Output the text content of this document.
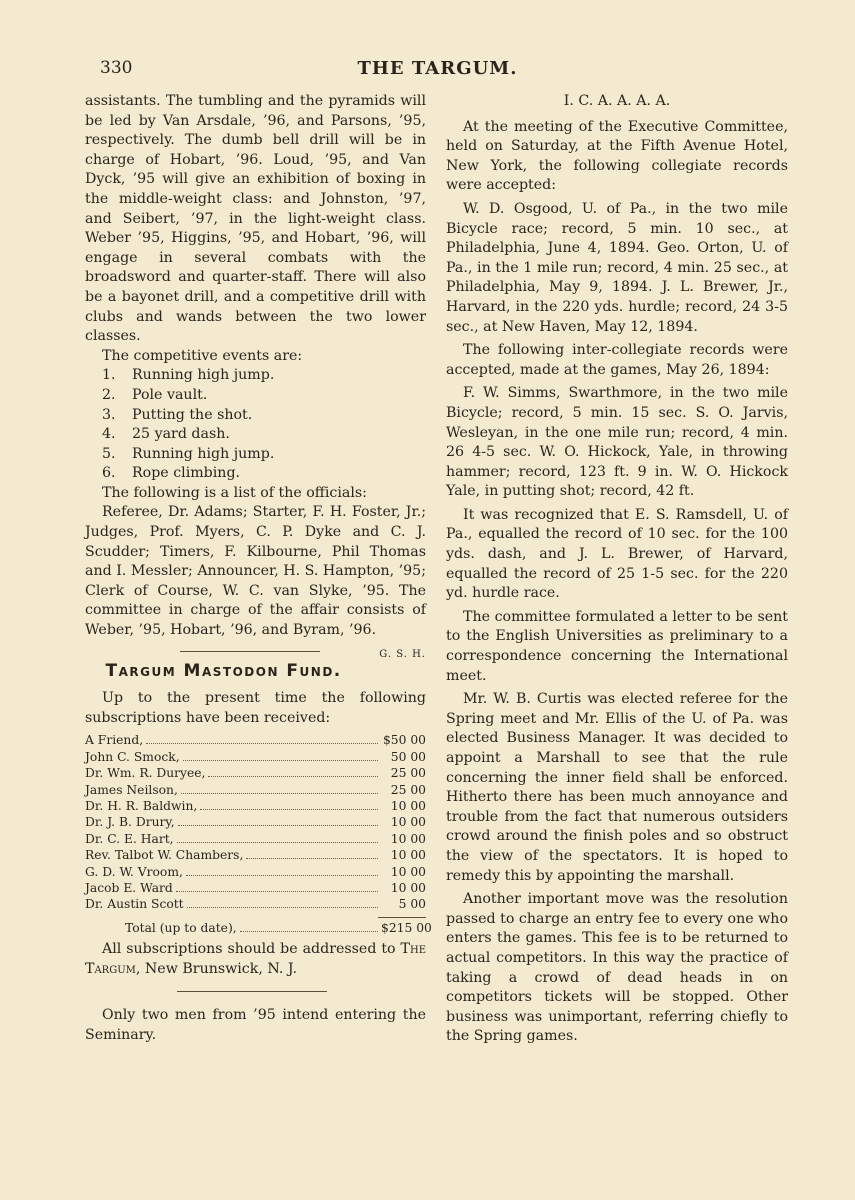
330	THE TARGUM.

assistants. The tumbling and the pyramids will be led by Van Arsdale, ’96, and Parsons, ’95, respectively. The dumb bell drill will be in charge of Hobart, ’96. Loud, ’95, and Van Dyck, ’95 will give an exhibition of boxing in the middle-weight class: and Johnston, ’97, and Seibert, ’97, in the light-weight class. Weber ’95, Higgins, ’95, and Hobart, ’96, will engage in several combats with the broadsword and quarter-staff. There will also be a bayonet drill, and a competitive drill with clubs and wands between the two lower classes.

The competitive events are:

1.	Running high jump.
2.	Pole vault.
3.	Putting the shot.
4.	25 yard dash.
5.	Running high jump.
6.	Rope climbing.

The following is a list of the officials:

Referee, Dr. Adams; Starter, F. H. Foster, Jr.; Judges, Prof. Myers, C. P. Dyke and C. J. Scudder; Timers, F. Kilbourne, Phil Thomas and I. Messler; Announcer, H. S. Hampton, ’95; Clerk of Course, W. C. van Slyke, ’95. The committee in charge of the affair consists of Weber, ’95, Hobart, ’96, and Byram, ’96.
G. S. H.

Targum Mastodon Fund.

Up to the present time the following subscriptions have been received:

A Friend,	$50 00
John C. Smock,	50 00
Dr. Wm. R. Duryee,	25 00
James Neilson,	25 00
Dr. H. R. Baldwin,	10 00
Dr. J. B. Drury,	10 00
Dr. C. E. Hart,	10 00
Rev. Talbot W. Chambers,	10 00
G. D. W. Vroom,	10 00
Jacob E. Ward	10 00
Dr. Austin Scott	5 00
Total (up to date),	$215 00

All subscriptions should be addressed to The Targum, New Brunswick, N. J.

Only two men from ’95 intend entering the Seminary.

I. C. A. A. A. A.

At the meeting of the Executive Committee, held on Saturday, at the Fifth Avenue Hotel, New York, the following collegiate records were accepted:

W. D. Osgood, U. of Pa., in the two mile Bicycle race; record, 5 min. 10 sec., at Philadelphia, June 4, 1894. Geo. Orton, U. of Pa., in the 1 mile run; record, 4 min. 25 sec., at Philadelphia, May 9, 1894. J. L. Brewer, Jr., Harvard, in the 220 yds. hurdle; record, 24 3-5 sec., at New Haven, May 12, 1894.

The following inter-collegiate records were accepted, made at the games, May 26, 1894:

F. W. Simms, Swarthmore, in the two mile Bicycle; record, 5 min. 15 sec. S. O. Jarvis, Wesleyan, in the one mile run; record, 4 min. 26 4-5 sec. W. O. Hickock, Yale, in throwing hammer; record, 123 ft. 9 in. W. O. Hickock Yale, in putting shot; record, 42 ft.

It was recognized that E. S. Ramsdell, U. of Pa., equalled the record of 10 sec. for the 100 yds. dash, and J. L. Brewer, of Harvard, equalled the record of 25 1-5 sec. for the 220 yd. hurdle race.

The committee formulated a letter to be sent to the English Universities as preliminary to a correspondence concerning the International meet.

Mr. W. B. Curtis was elected referee for the Spring meet and Mr. Ellis of the U. of Pa. was elected Business Manager. It was decided to appoint a Marshall to see that the rule concerning the inner field shall be enforced. Hitherto there has been much annoyance and trouble from the fact that numerous outsiders crowd around the finish poles and so obstruct the view of the spectators. It is hoped to remedy this by appointing the marshall.

Another important move was the resolution passed to charge an entry fee to every one who enters the games. This fee is to be returned to actual competitors. In this way the practice of taking a crowd of dead heads in on competitors tickets will be stopped. Other business was unimportant, referring chiefly to the Spring games.
